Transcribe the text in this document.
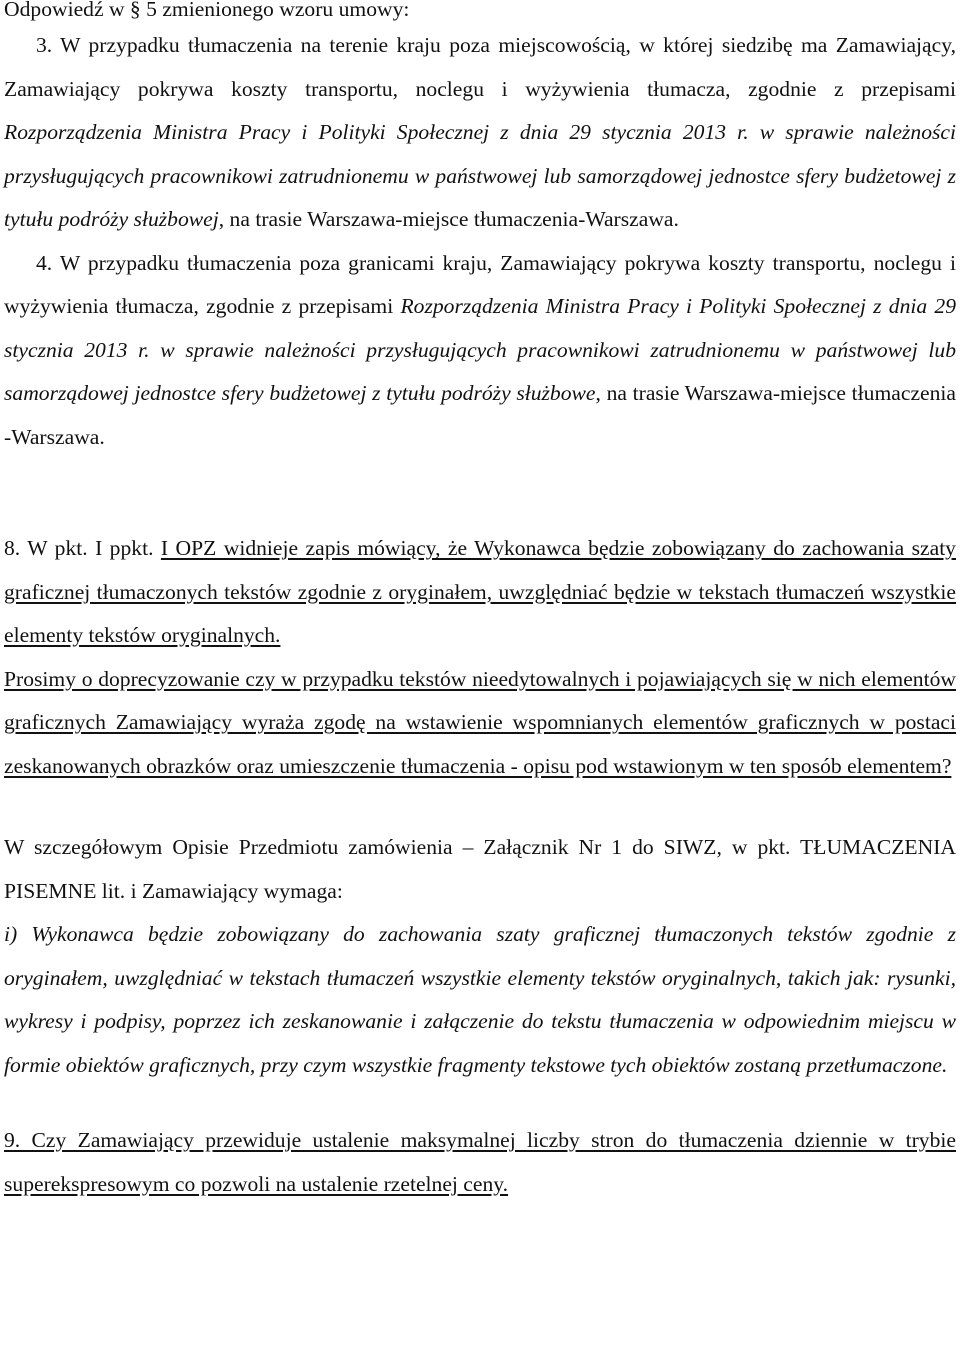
Odpowiedź w § 5 zmienionego wzoru umowy:

3. W przypadku tłumaczenia na terenie kraju poza miejscowością, w której siedzibę ma Zamawiający, Zamawiający pokrywa koszty transportu, noclegu i wyżywienia tłumacza, zgodnie z przepisami Rozporządzenia Ministra Pracy i Polityki Społecznej z dnia 29 stycznia 2013 r. w sprawie należności przysługujących pracownikowi zatrudnionemu w państwowej lub samorządowej jednostce sfery budżetowej z tytułu podróży służbowej, na trasie Warszawa-miejsce tłumaczenia-Warszawa.

4. W przypadku tłumaczenia poza granicami kraju, Zamawiający pokrywa koszty transportu, noclegu i wyżywienia tłumacza, zgodnie z przepisami Rozporządzenia Ministra Pracy i Polityki Społecznej z dnia 29 stycznia 2013 r. w sprawie należności przysługujących pracownikowi zatrudnionemu w państwowej lub samorządowej jednostce sfery budżetowej z tytułu podróży służbowe, na trasie Warszawa-miejsce tłumaczenia -Warszawa.

8. W pkt. I ppkt. I OPZ widnieje zapis mówiący, że Wykonawca będzie zobowiązany do zachowania szaty graficznej tłumaczonych tekstów zgodnie z oryginałem, uwzględniać będzie w tekstach tłumaczeń wszystkie elementy tekstów oryginalnych.

Prosimy o doprecyzowanie czy w przypadku tekstów nieedytowalnych i pojawiających się w nich elementów graficznych Zamawiający wyraża zgodę na wstawienie wspomnianych elementów graficznych w postaci zeskanowanych obrazków oraz umieszczenie tłumaczenia - opisu pod wstawionym w ten sposób elementem?

W szczegółowym Opisie Przedmiotu zamówienia – Załącznik Nr 1 do SIWZ, w pkt. TŁUMACZENIA PISEMNE lit. i Zamawiający wymaga:

i) Wykonawca będzie zobowiązany do zachowania szaty graficznej tłumaczonych tekstów zgodnie z oryginałem, uwzględniać w tekstach tłumaczeń wszystkie elementy tekstów oryginalnych, takich jak: rysunki, wykresy i podpisy, poprzez ich zeskanowanie i załączenie do tekstu tłumaczenia w odpowiednim miejscu w formie obiektów graficznych, przy czym wszystkie fragmenty tekstowe tych obiektów zostaną przetłumaczone.

9. Czy Zamawiający przewiduje ustalenie maksymalnej liczby stron do tłumaczenia dziennie w trybie superekspresowym co pozwoli na ustalenie rzetelnej ceny.
